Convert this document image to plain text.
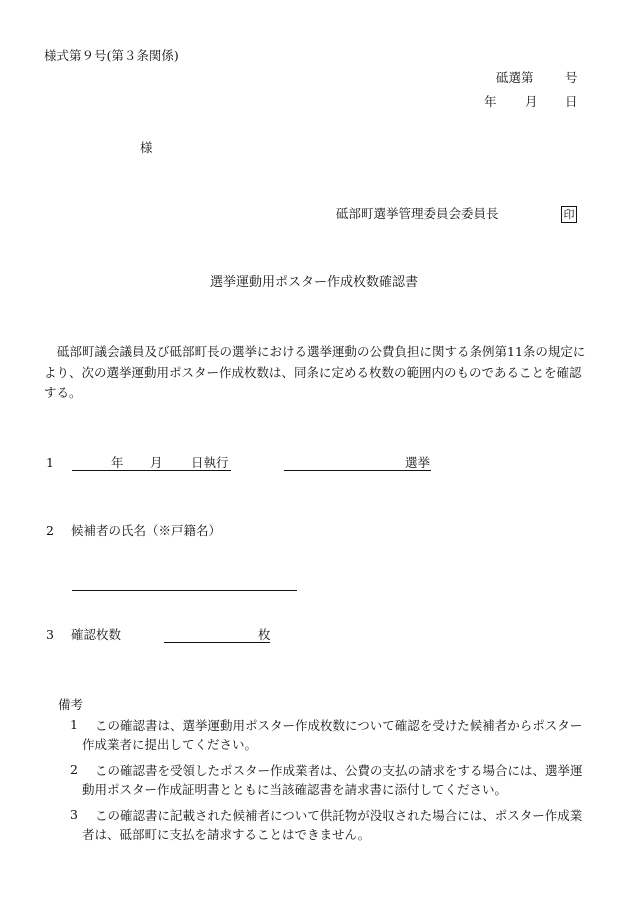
様式第９号(第３条関係)
砥選第	号
年 月 日
様
砥部町選挙管理委員会委員長	印
選挙運動用ポスター作成枚数確認書
砥部町議会議員及び砥部町長の選挙における選挙運動の公費負担に関する条例第11条の規定により、次の選挙運動用ポスター作成枚数は、同条に定める枚数の範囲内のものであることを確認する。
1	年 月 日執行	選挙
2 候補者の氏名（※戸籍名）
3 確認枚数	枚
備考
1	この確認書は、選挙運動用ポスター作成枚数について確認を受けた候補者からポスター作成業者に提出してください。
2	この確認書を受領したポスター作成業者は、公費の支払の請求をする場合には、選挙運動用ポスター作成証明書とともに当該確認書を請求書に添付してください。
3	この確認書に記載された候補者について供託物が没収された場合には、ポスター作成業者は、砥部町に支払を請求することはできません。
